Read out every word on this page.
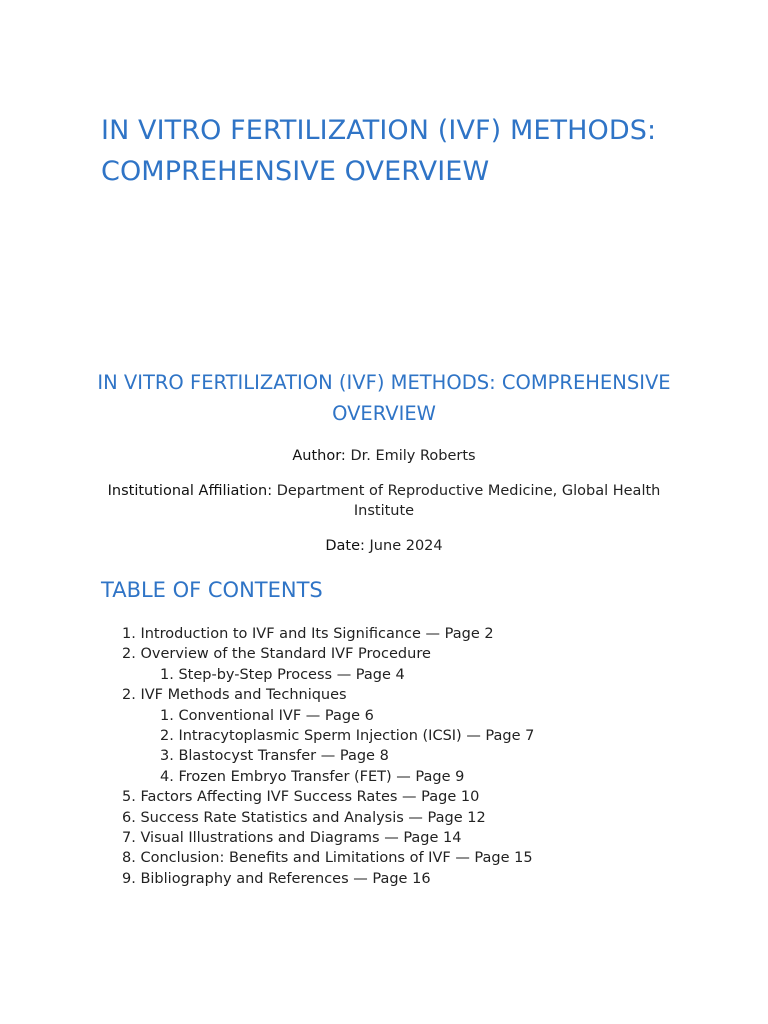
IN VITRO FERTILIZATION (IVF) METHODS: COMPREHENSIVE OVERVIEW
IN VITRO FERTILIZATION (IVF) METHODS: COMPREHENSIVE OVERVIEW

Author: Dr. Emily Roberts

Institutional Affiliation: Department of Reproductive Medicine, Global Health Institute

Date: June 2024

TABLE OF CONTENTS
1. Introduction to IVF and Its Significance — Page 2
2. Overview of the Standard IVF Procedure
1. Step-by-Step Process — Page 4
2. IVF Methods and Techniques
1. Conventional IVF — Page 6
2. Intracytoplasmic Sperm Injection (ICSI) — Page 7
3. Blastocyst Transfer — Page 8
4. Frozen Embryo Transfer (FET) — Page 9
5. Factors Affecting IVF Success Rates — Page 10
6. Success Rate Statistics and Analysis — Page 12
7. Visual Illustrations and Diagrams — Page 14
8. Conclusion: Benefits and Limitations of IVF — Page 15
9. Bibliography and References — Page 16
